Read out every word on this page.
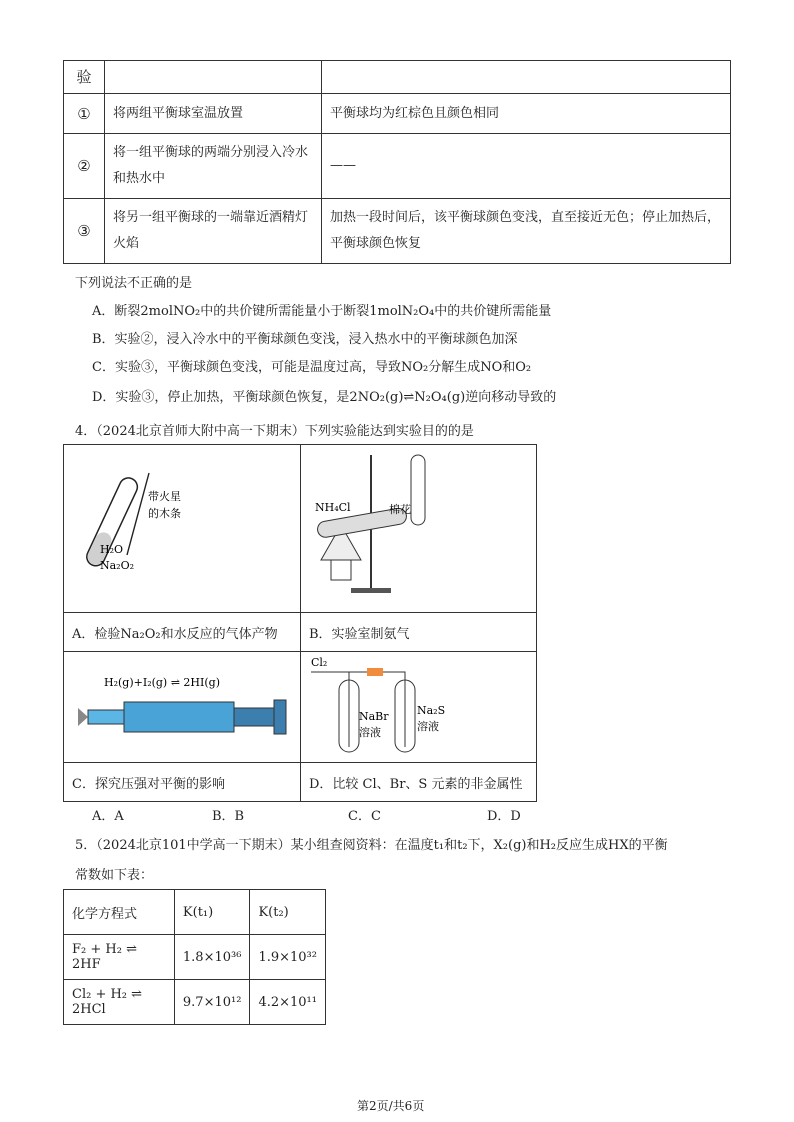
验		
①	将两组平衡球室温放置	平衡球均为红棕色且颜色相同
②	将一组平衡球的两端分别浸入冷水和热水中	——
③	将另一组平衡球的一端靠近酒精灯火焰	加热一段时间后，该平衡球颜色变浅，直至接近无色；停止加热后，平衡球颜色恢复
下列说法不正确的是
A．断裂2molNO₂中的共价键所需能量小于断裂1molN₂O₄中的共价键所需能量
B．实验②，浸入冷水中的平衡球颜色变浅，浸入热水中的平衡球颜色加深
C．实验③，平衡球颜色变浅，可能是温度过高，导致NO₂分解生成NO和O₂
D．实验③，停止加热，平衡球颜色恢复，是2NO₂(g)⇌N₂O₄(g)逆向移动导致的
4．（2024北京首师大附中高一下期末）下列实验能达到实验目的的是
带火星
的木条
H₂O
Na₂O₂	NH₄Cl 棉花

A．检验Na₂O₂和水反应的气体产物	B．实验室制氨气

H₂(g)+I₂(g) ⇌ 2HI(g)	Cl₂
NaBr
溶液
Na₂S
溶液

C．探究压强对平衡的影响	D．比较 Cl、Br、S 元素的非金属性
A．A	B．B	C．C	D．D
5．（2024北京101中学高一下期末）某小组查阅资料：在温度t₁和t₂下，X₂(g)和H₂反应生成HX的平衡
常数如下表：
化学方程式	K(t₁)	K(t₂)
F₂ + H₂ ⇌ 2HF	1.8×10³⁶	1.9×10³²
Cl₂ + H₂ ⇌ 2HCl	9.7×10¹²	4.2×10¹¹
第2页/共6页
